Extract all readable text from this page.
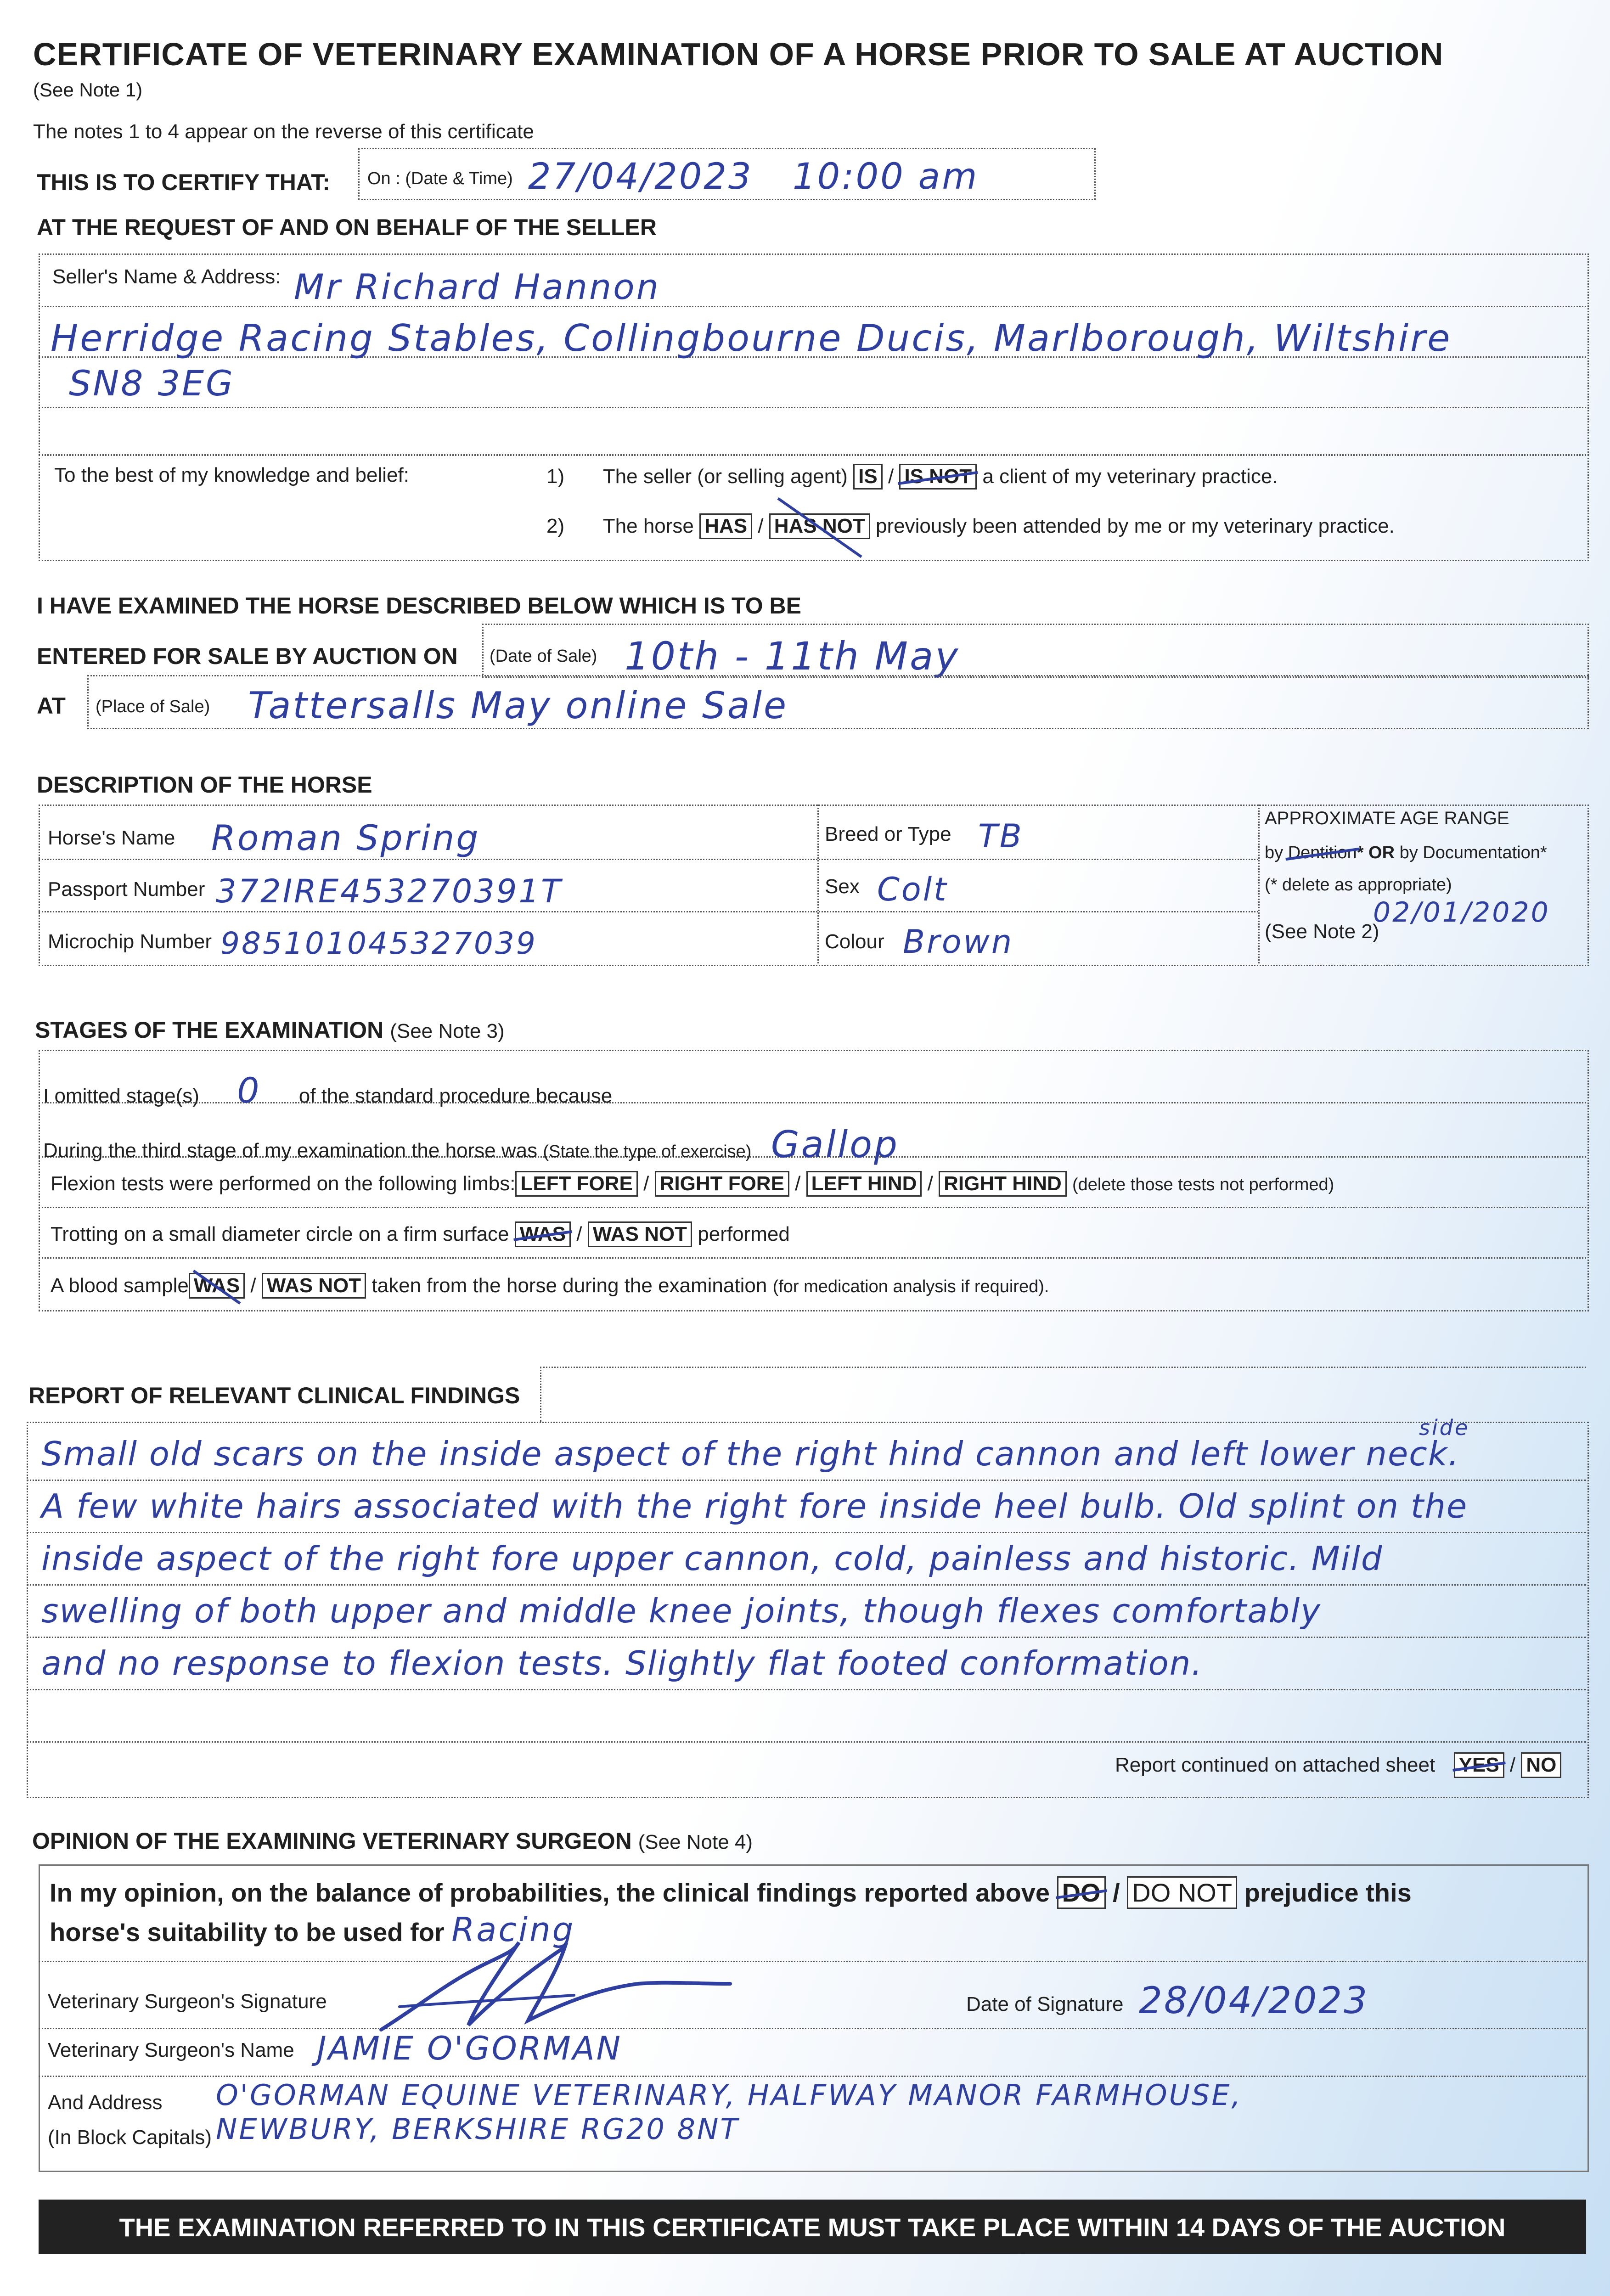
CERTIFICATE OF VETERINARY EXAMINATION OF A HORSE PRIOR TO SALE AT AUCTION
(See Note 1)
The notes 1 to 4 appear on the reverse of this certificate
THIS IS TO CERTIFY THAT: On : (Date & Time) 27/04/2023   10:00 am
AT THE REQUEST OF AND ON BEHALF OF THE SELLER
Seller's Name & Address: Mr Richard Hannon
Herridge Racing Stables, Collingbourne Ducis, Marlborough, Wiltshire
SN8 3EG
To the best of my knowledge and belief:	1) The seller (or selling agent) IS / IS NOT a client of my veterinary practice.
2) The horse HAS / HAS NOT previously been attended by me or my veterinary practice.
I HAVE EXAMINED THE HORSE DESCRIBED BELOW WHICH IS TO BE
ENTERED FOR SALE BY AUCTION ON (Date of Sale) 10th - 11th May
AT (Place of Sale) Tattersalls May online Sale
DESCRIPTION OF THE HORSE
Horse's Name Roman Spring
Passport Number 372IRE453270391T
Microchip Number 985101045327039
Breed or Type TB
Sex Colt
Colour Brown
APPROXIMATE AGE RANGE
by Dentition* OR by Documentation*
(* delete as appropriate)
02/01/2020
(See Note 2)
STAGES OF THE EXAMINATION (See Note 3)
I omitted stage(s) 0 of the standard procedure because
During the third stage of my examination the horse was (State the type of exercise) Gallop
Flexion tests were performed on the following limbs: LEFT FORE / RIGHT FORE / LEFT HIND / RIGHT HIND (delete those tests not performed)
Trotting on a small diameter circle on a firm surface WAS / WAS NOT performed
A blood sample WAS / WAS NOT taken from the horse during the examination (for medication analysis if required).
REPORT OF RELEVANT CLINICAL FINDINGS
Small old scars on the inside aspect of the right hind cannon and left lower neck.
side
A few white hairs associated with the right fore inside heel bulb. Old splint on the
inside aspect of the right fore upper cannon, cold, painless and historic. Mild
swelling of both upper and middle knee joints, though flexes comfortably
and no response to flexion tests. Slightly flat footed conformation.
Report continued on attached sheet YES / NO
OPINION OF THE EXAMINING VETERINARY SURGEON (See Note 4)
In my opinion, on the balance of probabilities, the clinical findings reported above DO / DO NOT prejudice this
horse's suitability to be used for Racing
Veterinary Surgeon's Signature	Date of Signature 28/04/2023
Veterinary Surgeon's Name JAMIE O'GORMAN
And Address
(In Block Capitals)
O'GORMAN EQUINE VETERINARY, HALFWAY MANOR FARMHOUSE,
NEWBURY, BERKSHIRE RG20 8NT
THE EXAMINATION REFERRED TO IN THIS CERTIFICATE MUST TAKE PLACE WITHIN 14 DAYS OF THE AUCTION
